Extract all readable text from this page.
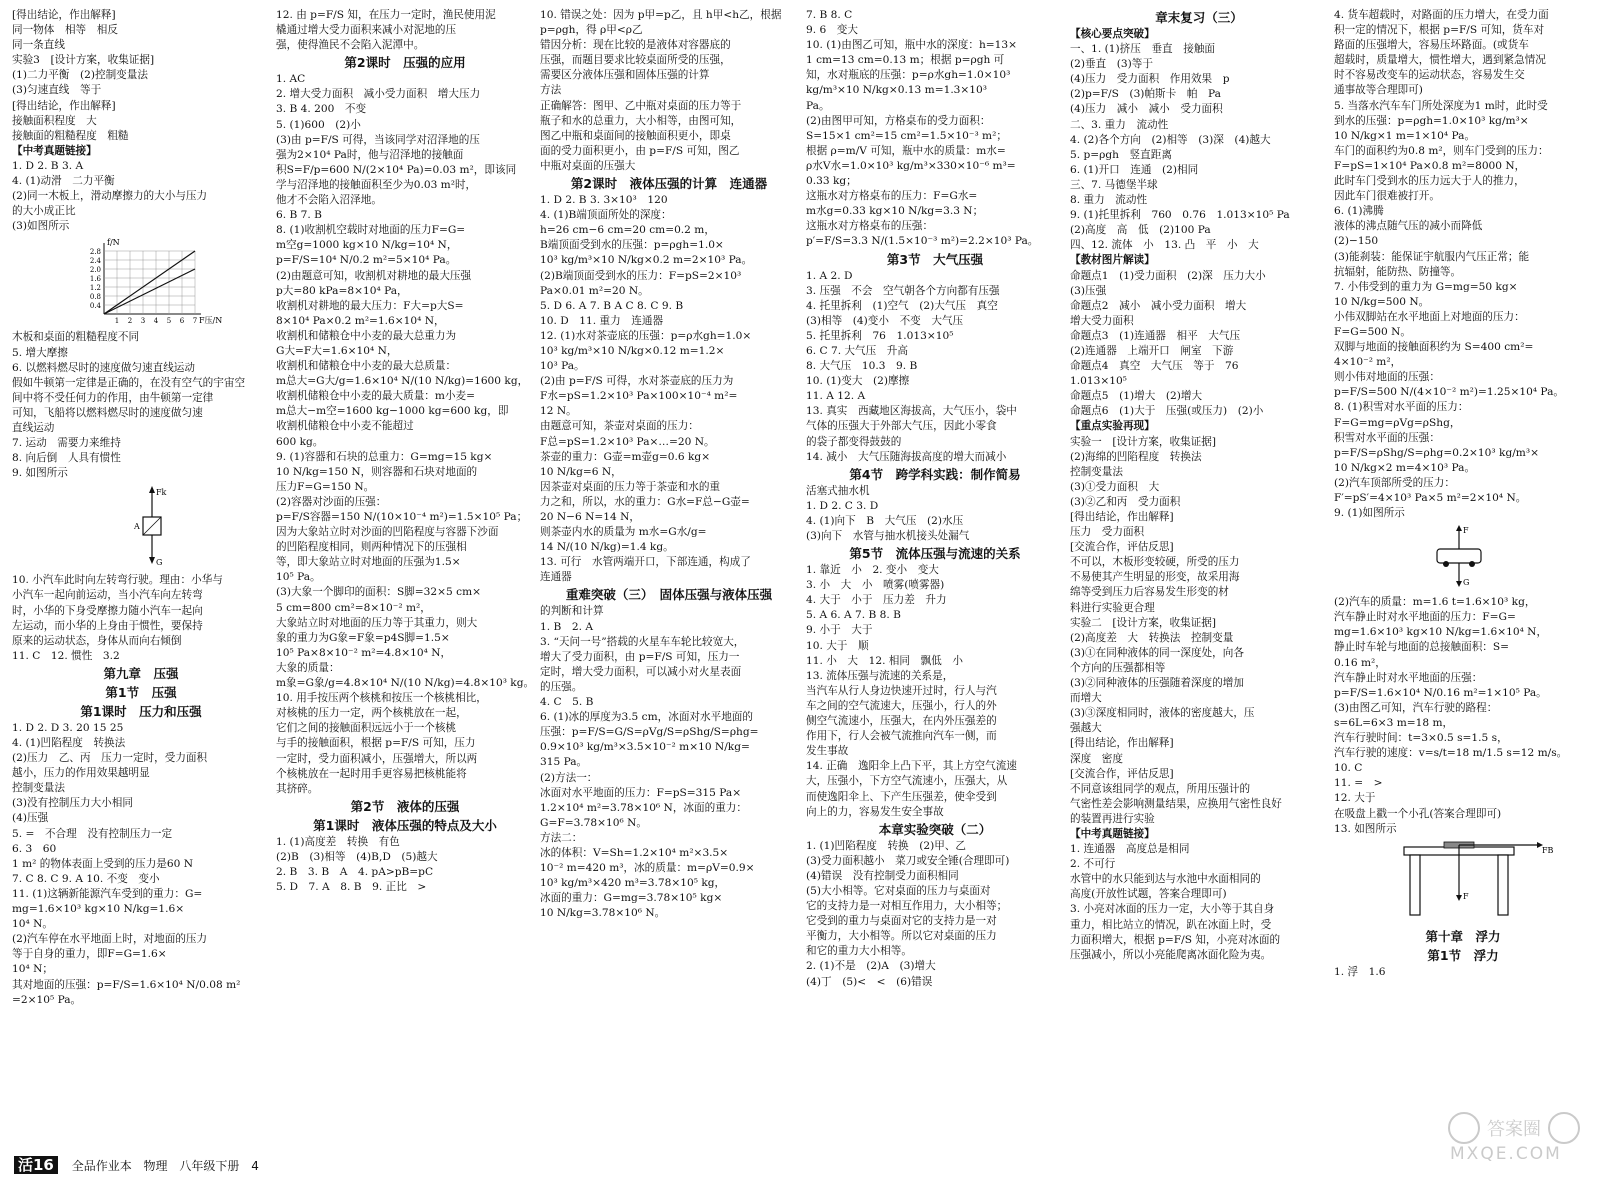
[得出结论，作出解释]
同一物体　相等　相反
同一条直线
实验3　[设计方案，收集证据]
(1)二力平衡　(2)控制变量法
(3)匀速直线　等于
[得出结论，作出解释]
接触面积程度　大
接触面的粗糙程度　粗糙
【中考真题链接】
1. D 2. B 3. A
4. (1)动滑　二力平衡
(2)同一木板上，滑动摩擦力的大小与压力
的大小成正比
(3)如图所示
f/N
F压/N
0.4
0.8
1.2
1.6
2.0
2.4
2.8
1 2 3 4 5 6 7
木板和桌面的粗糙程度不同
5. 增大摩擦
6. 以燃料燃尽时的速度做匀速直线运动
假如牛顿第一定律是正确的，在没有空气的宇宙空
间中将不受任何力的作用，由牛顿第一定律
可知，飞船将以燃料燃尽时的速度做匀速
直线运动
7. 运动　需要力来维持
8. 向后倒　人具有惯性
9. 如图所示
Fk
G
A
10. 小汽车此时向左转弯行驶。理由：小华与
小汽车一起向前运动，当小汽车向左转弯
时，小华的下身受摩擦力随小汽车一起向
左运动，而小华的上身由于惯性，要保持
原来的运动状态，身体从而向右倾倒
11. C　12. 惯性　3.2
第九章　压强
第1节　压强
第1课时　压力和压强
1. D 2. D 3. 20 15 25
4. (1)凹陷程度　转换法
(2)压力　乙、丙　压力一定时，受力面积
越小，压力的作用效果越明显
控制变量法
(3)没有控制压力大小相同
(4)压强
5. =　不合理　没有控制压力一定
6. 3　60
1 m² 的物体表面上受到的压力是60 N
7. C 8. C 9. A 10. 不变　变小
11. (1)这辆新能源汽车受到的重力：G=
mg=1.6×10³ kg×10 N/kg=1.6×
10⁴ N。
(2)汽车停在水平地面上时，对地面的压力
等于自身的重力，即F=G=1.6×
10⁴ N；
其对地面的压强：p=F/S=1.6×10⁴ N/0.08 m²
=2×10⁵ Pa。
12. 由 p=F/S 知，在压力一定时，渔民使用泥
橇通过增大受力面积来减小对泥地的压
强，使得渔民不会陷入泥潭中。
第2课时　压强的应用
1. AC
2. 增大受力面积　减小受力面积　增大压力
3. B 4. 200　不变
5. (1)600　(2)小
(3)由 p=F/S 可得，当该同学对沼泽地的压
强为2×10⁴ Pa时，他与沼泽地的接触面
积S=F/p=600 N/(2×10⁴ Pa)=0.03 m²，即该同
学与沼泽地的接触面积至少为0.03 m²时，
他才不会陷入沼泽地。
6. B 7. B
8. (1)收割机空载时对地面的压力F=G=
m空g=1000 kg×10 N/kg=10⁴ N，
p=F/S=10⁴ N/0.2 m²=5×10⁴ Pa。
(2)由题意可知，收割机对耕地的最大压强
p大=80 kPa=8×10⁴ Pa，
收割机对耕地的最大压力：F大=p大S=
8×10⁴ Pa×0.2 m²=1.6×10⁴ N，
收割机和储粮仓中小麦的最大总重力为
G大=F大=1.6×10⁴ N，
收割机和储粮仓中小麦的最大总质量：
m总大=G大/g=1.6×10⁴ N/(10 N/kg)=1600 kg，
收割机储粮仓中小麦的最大质量：m小麦=
m总大−m空=1600 kg−1000 kg=600 kg，即
收割机储粮仓中小麦不能超过
600 kg。
9. (1)容器和石块的总重力：G=mg=15 kg×
10 N/kg=150 N，则容器和石块对地面的
压力F=G=150 N。
(2)容器对沙面的压强：
p=F/S容器=150 N/(10×10⁻⁴ m²)=1.5×10⁵ Pa；
因为大象站立时对沙面的凹陷程度与容器下沙面
的凹陷程度相同，则两种情况下的压强相
等，即大象站立时对地面的压强为1.5×
10⁵ Pa。
(3)大象一个脚印的面积：S脚=32×5 cm×
5 cm=800 cm²=8×10⁻² m²，
大象站立时对地面的压力等于其重力，则大
象的重力为G象=F象=p4S脚=1.5×
10⁵ Pa×8×10⁻² m²=4.8×10⁴ N，
大象的质量：
m象=G象/g=4.8×10⁴ N/(10 N/kg)=4.8×10³ kg。
10. 用手按压两个核桃和按压一个核桃相比，
对核桃的压力一定，两个核桃放在一起，
它们之间的接触面积远远小于一个核桃
与手的接触面积，根据 p=F/S 可知，压力
一定时，受力面积减小，压强增大，所以两
个核桃放在一起时用手更容易把核桃能将
其挤碎。
第2节　液体的压强
第1课时　液体压强的特点及大小
1. (1)高度差　转换　有色
(2)B　(3)相等　(4)B,D　(5)越大
2. B　3. B　A　4. pA>pB=pC
5. D　7. A　8. B　9. 正比　>
10. 错误之处：因为 p甲=p乙，且 h甲<h乙，根据
p=ρgh，得 ρ甲<ρ乙
错因分析：现在比较的是液体对容器底的
压强，而题目要求比较桌面所受的压强，
需要区分液体压强和固体压强的计算
方法
正确解答：图甲、乙中瓶对桌面的压力等于
瓶子和水的总重力，大小相等，由图可知，
图乙中瓶和桌面间的接触面积更小，即桌
面的受力面积更小，由 p=F/S 可知，图乙
中瓶对桌面的压强大
第2课时　液体压强的计算　连通器
1. D 2. B 3. 3×10³　120
4. (1)B端顶面所处的深度：
h=26 cm−6 cm=20 cm=0.2 m，
B端顶面受到水的压强：p=ρgh=1.0×
10³ kg/m³×10 N/kg×0.2 m=2×10³ Pa。
(2)B端顶面受到水的压力：F=pS=2×10³
Pa×0.01 m²=20 N。
5. D 6. A 7. B A C 8. C 9. B
10. D　11. 重力　连通器
12. (1)水对茶壶底的压强：p=ρ水gh=1.0×
10³ kg/m³×10 N/kg×0.12 m=1.2×
10³ Pa。
(2)由 p=F/S 可得，水对茶壶底的压力为
F水=pS=1.2×10³ Pa×100×10⁻⁴ m²=
12 N。
由题意可知，茶壶对桌面的压力：
F总=pS=1.2×10³ Pa×…=20 N。
茶壶的重力：G壶=m壶g=0.6 kg×
10 N/kg=6 N，
因茶壶对桌面的压力等于茶壶和水的重
力之和，所以，水的重力：G水=F总−G壶=
20 N−6 N=14 N，
则茶壶内水的质量为 m水=G水/g=
14 N/(10 N/kg)=1.4 kg。
13. 可行　水管两端开口，下部连通，构成了
连通器
重难突破（三）　固体压强与液体压强
的判断和计算
1. B　2. A
3. “天问一号”搭载的火星车车轮比较宽大，
增大了受力面积，由 p=F/S 可知，压力一
定时，增大受力面积，可以减小对火星表面
的压强。
4. C　5. B
6. (1)冰的厚度为3.5 cm，冰面对水平地面的
压强：p=F/S=G/S=ρVg/S=ρShg/S=ρhg=
0.9×10³ kg/m³×3.5×10⁻² m×10 N/kg=
315 Pa。
(2)方法一：
冰面对水平地面的压力：F=pS=315 Pa×
1.2×10⁴ m²=3.78×10⁶ N，冰面的重力：
G=F=3.78×10⁶ N。
方法二：
冰的体积：V=Sh=1.2×10⁴ m²×3.5×
10⁻² m=420 m³，冰的质量：m=ρV=0.9×
10³ kg/m³×420 m³=3.78×10⁵ kg，
冰面的重力：G=mg=3.78×10⁵ kg×
10 N/kg=3.78×10⁶ N。
7. B 8. C
9. 6　变大
10. (1)由图乙可知，瓶中水的深度：h=13×
1 cm=13 cm=0.13 m；根据 p=ρgh 可
知，水对瓶底的压强：p=ρ水gh=1.0×10³
kg/m³×10 N/kg×0.13 m=1.3×10³
Pa。
(2)由图甲可知，方格桌布的受力面积：
S=15×1 cm²=15 cm²=1.5×10⁻³ m²；
根据 ρ=m/V 可知，瓶中水的质量：m水=
ρ水V水=1.0×10³ kg/m³×330×10⁻⁶ m³=
0.33 kg；
这瓶水对方格桌布的压力：F=G水=
m水g=0.33 kg×10 N/kg=3.3 N；
这瓶水对方格桌布的压强：
p′=F/S=3.3 N/(1.5×10⁻³ m²)=2.2×10³ Pa。
第3节　大气压强
1. A 2. D
3. 压强　不会　空气朝各个方向都有压强
4. 托里拆利　(1)空气　(2)大气压　真空
(3)相等　(4)变小　不变　大气压
5. 托里拆利　76　1.013×10⁵
6. C 7. 大气压　升高
8. 大气压　10.3　9. B
10. (1)变大　(2)摩擦
11. A 12. A
13. 真实　西藏地区海拔高，大气压小，袋中
气体的压强大于外部大气压，因此小零食
的袋子都变得鼓鼓的
14. 减小　大气压随海拔高度的增大而减小
第4节　跨学科实践：制作简易
活塞式抽水机
1. D 2. C 3. D
4. (1)向下　B　大气压　(2)水压
(3)向下　水管与抽水机接头处漏气
第5节　流体压强与流速的关系
1. 靠近　小　2. 变小　变大
3. 小　大　小　喷雾(喷雾器)
4. 大于　小于　压力差　升力
5. A 6. A 7. B 8. B
9. 小于　大于
10. 大于　顺
11. 小　大　12. 相同　飘低　小
13. 流体压强与流速的关系是，
当汽车从行人身边快速开过时，行人与汽
车之间的空气流速大，压强小，行人的外
侧空气流速小，压强大，在内外压强差的
作用下，行人会被气流推向汽车一侧，而
发生事故
14. 正确　逸阳伞上凸下平，其上方空气流速
大，压强小，下方空气流速小，压强大，从
而使逸阳伞上、下产生压强差，使伞受到
向上的力，容易发生安全事故
本章实验突破（二）
1. (1)凹陷程度　转换　(2)甲、乙
(3)受力面积越小　菜刀或安全锤(合理即可)
(4)错误　没有控制受力面积相同
(5)大小相等。它对桌面的压力与桌面对
它的支持力是一对相互作用力，大小相等；
它受到的重力与桌面对它的支持力是一对
平衡力，大小相等。所以它对桌面的压力
和它的重力大小相等。
2. (1)不是　(2)A　(3)增大
(4)丁　(5)<　<　(6)错误
章末复习（三）
【核心要点突破】
一、1. (1)挤压　垂直　接触面
(2)垂直　(3)等于
(4)压力　受力面积　作用效果　p
(2)p=F/S　(3)帕斯卡　帕　Pa
(4)压力　减小　减小　受力面积
二、3. 重力　流动性
4. (2)各个方向　(2)相等　(3)深　(4)越大
5. p=ρgh　竖直距离
6. (1)开口　连通　(2)相同
三、7. 马德堡半球
8. 重力　流动性
9. (1)托里拆利　760　0.76　1.013×10⁵ Pa
(2)高度　高　低　(2)100 Pa
四、12. 流体　小　13. 凸　平　小　大
【教材图片解读】
命题点1　(1)受力面积　(2)深　压力大小
(3)压强
命题点2　减小　减小受力面积　增大
增大受力面积
命题点3　(1)连通器　相平　大气压
(2)连通器　上端开口　闸室　下游
命题点4　真空　大气压　等于　76
1.013×10⁵
命题点5　(1)增大　(2)增大
命题点6　(1)大于　压强(或压力)　(2)小
【重点实验再现】
实验一　[设计方案，收集证据]
(2)海绵的凹陷程度　转换法
控制变量法
(3)①受力面积　大
(3)②乙和丙　受力面积
[得出结论，作出解释]
压力　受力面积
[交流合作，评估反思]
不可以，木板形变较硬，所受的压力
不易使其产生明显的形变，故采用海
绵等受到压力后容易发生形变的材
料进行实验更合理
实验二　[设计方案，收集证据]
(2)高度差　大　转换法　控制变量
(3)①在同种液体的同一深度处，向各
个方向的压强都相等
(3)②同种液体的压强随着深度的增加
而增大
(3)③深度相同时，液体的密度越大，压
强越大
[得出结论，作出解释]
深度　密度
[交流合作，评估反思]
不同意该组同学的观点，所用压强计的
气密性差会影响测量结果，应换用气密性良好
的装置再进行实验
【中考真题链接】
1. 连通器　高度总是相同
2. 不可行
水管中的水只能到达与水池中水面相同的
高度(开放性试题，答案合理即可)
3. 小亮对冰面的压力一定，大小等于其自身
重力，相比站立的情况，趴在冰面上时，受
力面积增大，根据 p=F/S 知，小亮对冰面的
压强减小，所以小亮能爬离冰面化险为夷。
4. 货车超载时，对路面的压力增大，在受力面
积一定的情况下，根据 p=F/S 可知，货车对
路面的压强增大，容易压坏路面。(或货车
超载时，质量增大，惯性增大，遇到紧急情况
时不容易改变车的运动状态，容易发生交
通事故等合理即可)
5. 当落水汽车车门所处深度为1 m时，此时受
到水的压强：p=ρgh=1.0×10³ kg/m³×
10 N/kg×1 m=1×10⁴ Pa。
车门的面积约为0.8 m²，则车门受到的压力：
F=pS=1×10⁴ Pa×0.8 m²=8000 N，
此时车门受到水的压力远大于人的推力，
因此车门很难被打开。
6. (1)沸腾
液体的沸点随气压的减小而降低
(2)−150
(3)能刹装：能保证宇航服内气压正常；能
抗辐射，能防热、防撞等。
7. 小伟受到的重力为 G=mg=50 kg×
10 N/kg=500 N。
小伟双脚站在水平地面上对地面的压力：
F=G=500 N。
双脚与地面的接触面积约为 S=400 cm²=
4×10⁻² m²，
则小伟对地面的压强：
p=F/S=500 N/(4×10⁻² m²)=1.25×10⁴ Pa。
8. (1)积雪对水平面的压力：
F=G=mg=ρVg=ρShg，
积雪对水平面的压强：
p=F/S=ρShg/S=ρhg=0.2×10³ kg/m³×
10 N/kg×2 m=4×10³ Pa。
(2)汽车顶部所受的压力：
F′=pS′=4×10³ Pa×5 m²=2×10⁴ N。
9. (1)如图所示
F
G
(2)汽车的质量：m=1.6 t=1.6×10³ kg，
汽车静止时对水平地面的压力：F=G=
mg=1.6×10³ kg×10 N/kg=1.6×10⁴ N，
静止时车轮与地面的总接触面积：S=
0.16 m²，
汽车静止时对水平地面的压强：
p=F/S=1.6×10⁴ N/0.16 m²=1×10⁵ Pa。
(3)由图乙可知，汽车行驶的路程：
s=6L=6×3 m=18 m，
汽车行驶时间：t=3×0.5 s=1.5 s，
汽车行驶的速度：v=s/t=18 m/1.5 s=12 m/s。
10. C
11. =　>
12. 大于
在吸盘上戳一个小孔(答案合理即可)
13. 如图所示
FB
F
第十章　浮力
第1节　浮力
1. 浮　1.6
活16 全品作业本 物理 八年级下册 4
答案圈
MXQE.COM
